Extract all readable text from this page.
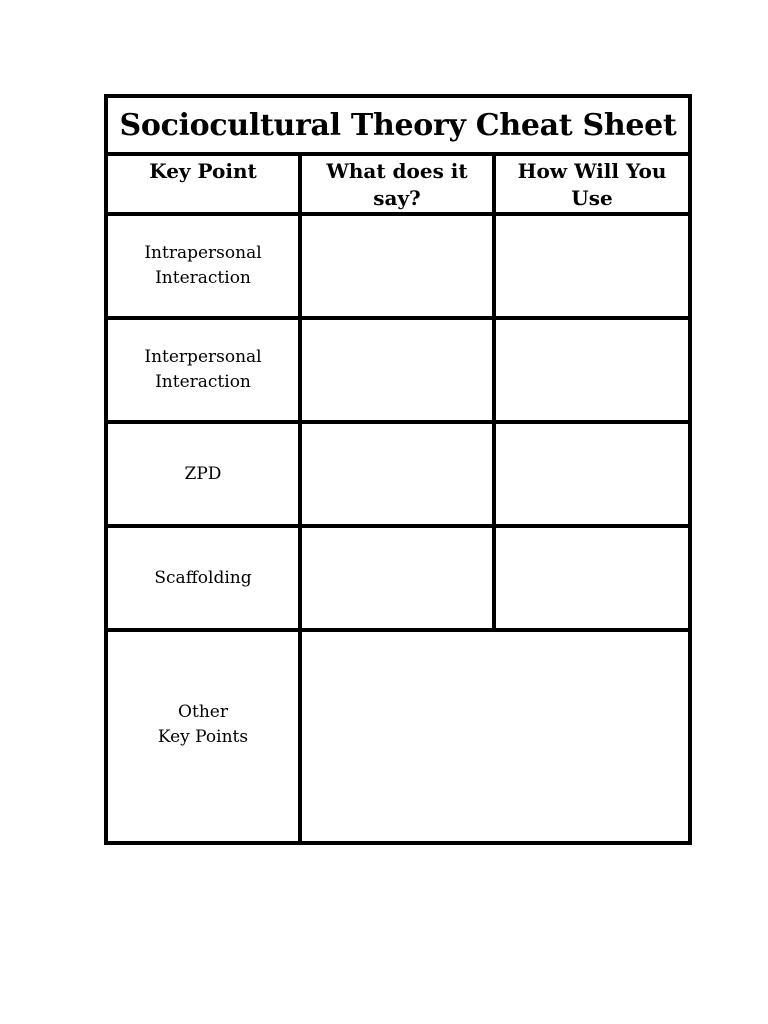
Sociocultural Theory Cheat Sheet		
Key Point	What does it say?	How Will You Use

Intrapersonal
Interaction		

Interpersonal
Interaction		

ZPD		

Scaffolding		

Other
Key Points		
